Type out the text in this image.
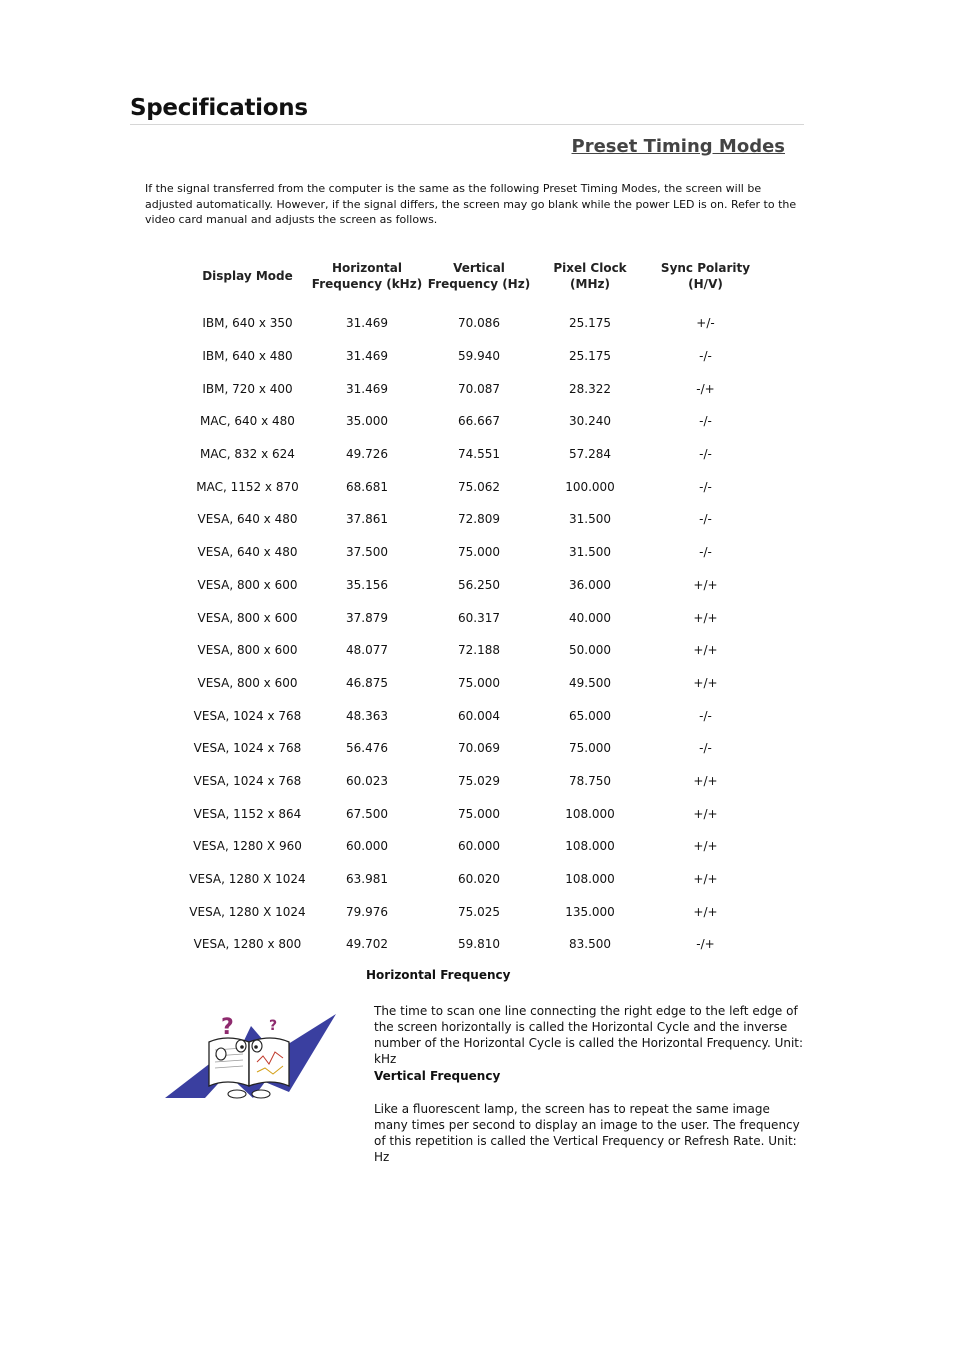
Specifications
Preset Timing Modes

If the signal transferred from the computer is the same as the following Preset Timing Modes, the screen will be adjusted automatically. However, if the signal differs, the screen may go blank while the power LED is on. Refer to the video card manual and adjusts the screen as follows.

Display Mode	Horizontal Frequency (kHz)	Vertical Frequency (Hz)	Pixel Clock (MHz)	Sync Polarity (H/V)
IBM, 640 x 350	31.469	70.086	25.175	+/-
IBM, 640 x 480	31.469	59.940	25.175	-/-
IBM, 720 x 400	31.469	70.087	28.322	-/+
MAC, 640 x 480	35.000	66.667	30.240	-/-
MAC, 832 x 624	49.726	74.551	57.284	-/-
MAC, 1152 x 870	68.681	75.062	100.000	-/-
VESA, 640 x 480	37.861	72.809	31.500	-/-
VESA, 640 x 480	37.500	75.000	31.500	-/-
VESA, 800 x 600	35.156	56.250	36.000	+/+
VESA, 800 x 600	37.879	60.317	40.000	+/+
VESA, 800 x 600	48.077	72.188	50.000	+/+
VESA, 800 x 600	46.875	75.000	49.500	+/+
VESA, 1024 x 768	48.363	60.004	65.000	-/-
VESA, 1024 x 768	56.476	70.069	75.000	-/-
VESA, 1024 x 768	60.023	75.029	78.750	+/+
VESA, 1152 x 864	67.500	75.000	108.000	+/+
VESA, 1280 X 960	60.000	60.000	108.000	+/+
VESA, 1280 X 1024	63.981	60.020	108.000	+/+
VESA, 1280 X 1024	79.976	75.025	135.000	+/+
VESA, 1280 x 800	49.702	59.810	83.500	-/+
Horizontal Frequency
?	?

The time to scan one line connecting the right edge to the left edge of the screen horizontally is called the Horizontal Cycle and the inverse number of the Horizontal Cycle is called the Horizontal Frequency. Unit: kHz

Vertical Frequency

Like a fluorescent lamp, the screen has to repeat the same image many times per second to display an image to the user. The frequency of this repetition is called the Vertical Frequency or Refresh Rate. Unit: Hz
